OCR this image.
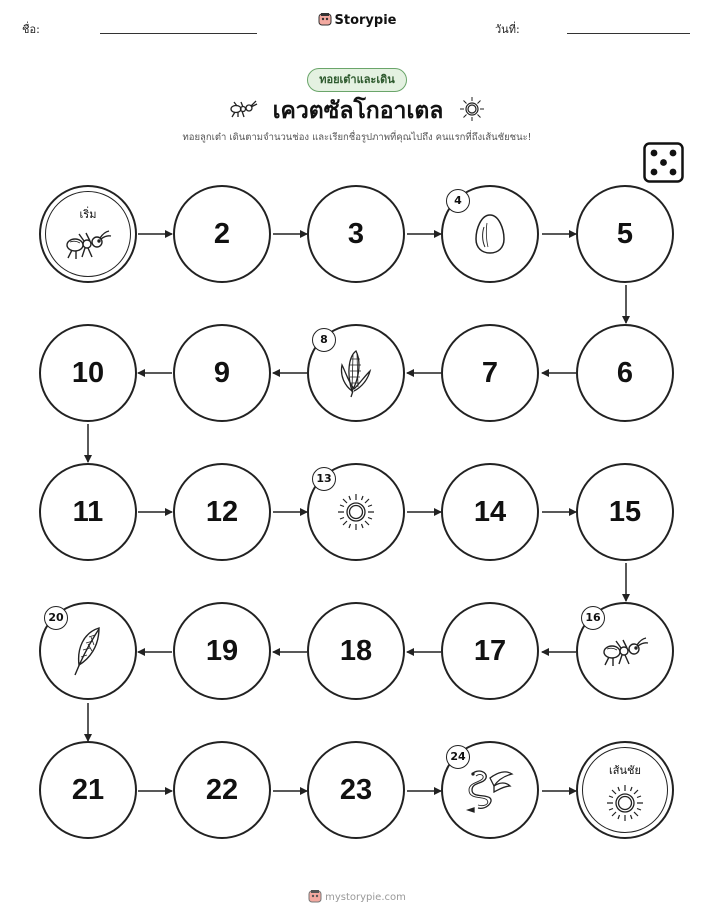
ชื่อ:
Storypie
วันที่:
ทอยเต๋าและเดิน
เควตซัลโกอาเตล
ทอยลูกเต๋า เดินตามจำนวนช่อง และเรียกชื่อรูปภาพที่คุณไปถึง คนแรกที่ถึงเส้นชัยชนะ!
เริ่ม
2	3
4
5
6
7
8
9
10
11	12
13
14	15
16
17
18
19
20
21	22	23
24
เส้นชัย
mystorypie.com
